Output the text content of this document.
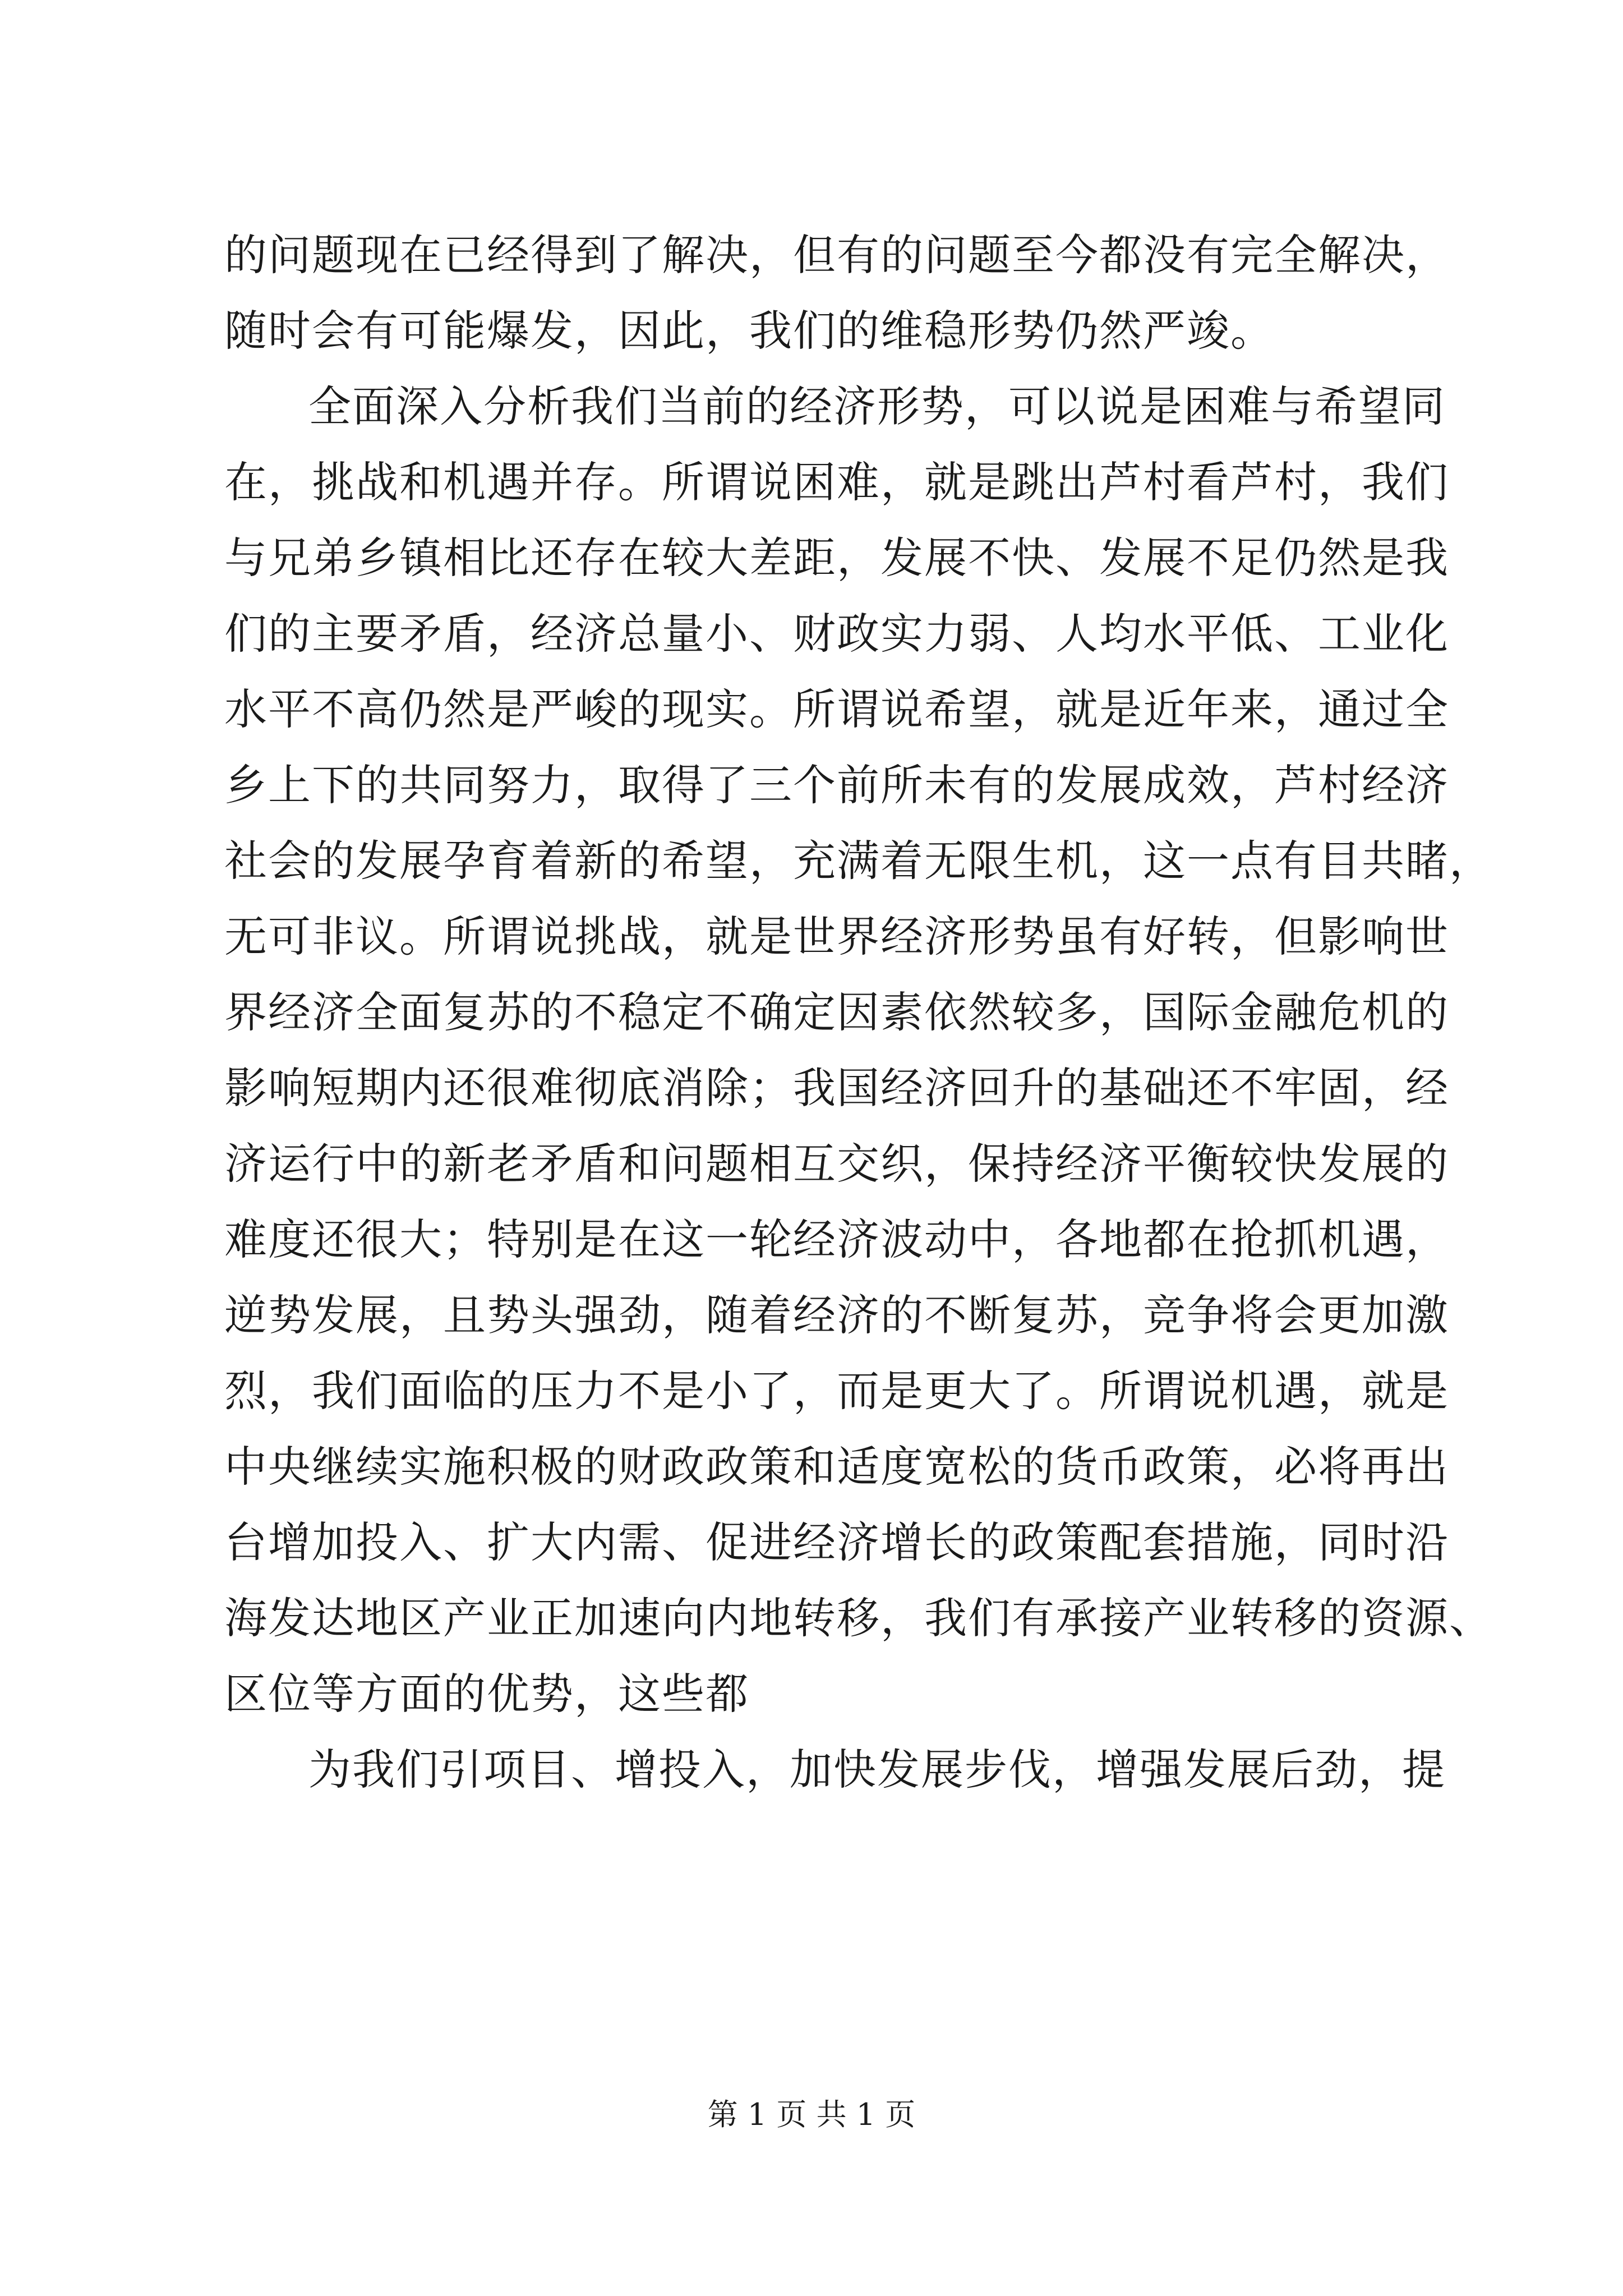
的问题现在已经得到了解决，但有的问题至今都没有完全解决，
随时会有可能爆发，因此，我们的维稳形势仍然严竣。
全面深入分析我们当前的经济形势，可以说是困难与希望同
在，挑战和机遇并存。所谓说困难，就是跳出芦村看芦村，我们
与兄弟乡镇相比还存在较大差距，发展不快、发展不足仍然是我
们的主要矛盾，经济总量小、财政实力弱、人均水平低、工业化
水平不高仍然是严峻的现实。所谓说希望，就是近年来，通过全
乡上下的共同努力，取得了三个前所未有的发展成效，芦村经济
社会的发展孕育着新的希望，充满着无限生机，这一点有目共睹，
无可非议。所谓说挑战，就是世界经济形势虽有好转，但影响世
界经济全面复苏的不稳定不确定因素依然较多，国际金融危机的
影响短期内还很难彻底消除；我国经济回升的基础还不牢固，经
济运行中的新老矛盾和问题相互交织，保持经济平衡较快发展的
难度还很大；特别是在这一轮经济波动中，各地都在抢抓机遇，
逆势发展，且势头强劲，随着经济的不断复苏，竞争将会更加激
烈，我们面临的压力不是小了，而是更大了。所谓说机遇，就是
中央继续实施积极的财政政策和适度宽松的货币政策，必将再出
台增加投入、扩大内需、促进经济增长的政策配套措施，同时沿
海发达地区产业正加速向内地转移，我们有承接产业转移的资源、
区位等方面的优势，这些都
为我们引项目、增投入，加快发展步伐，增强发展后劲，提
第 1 页 共 1 页
